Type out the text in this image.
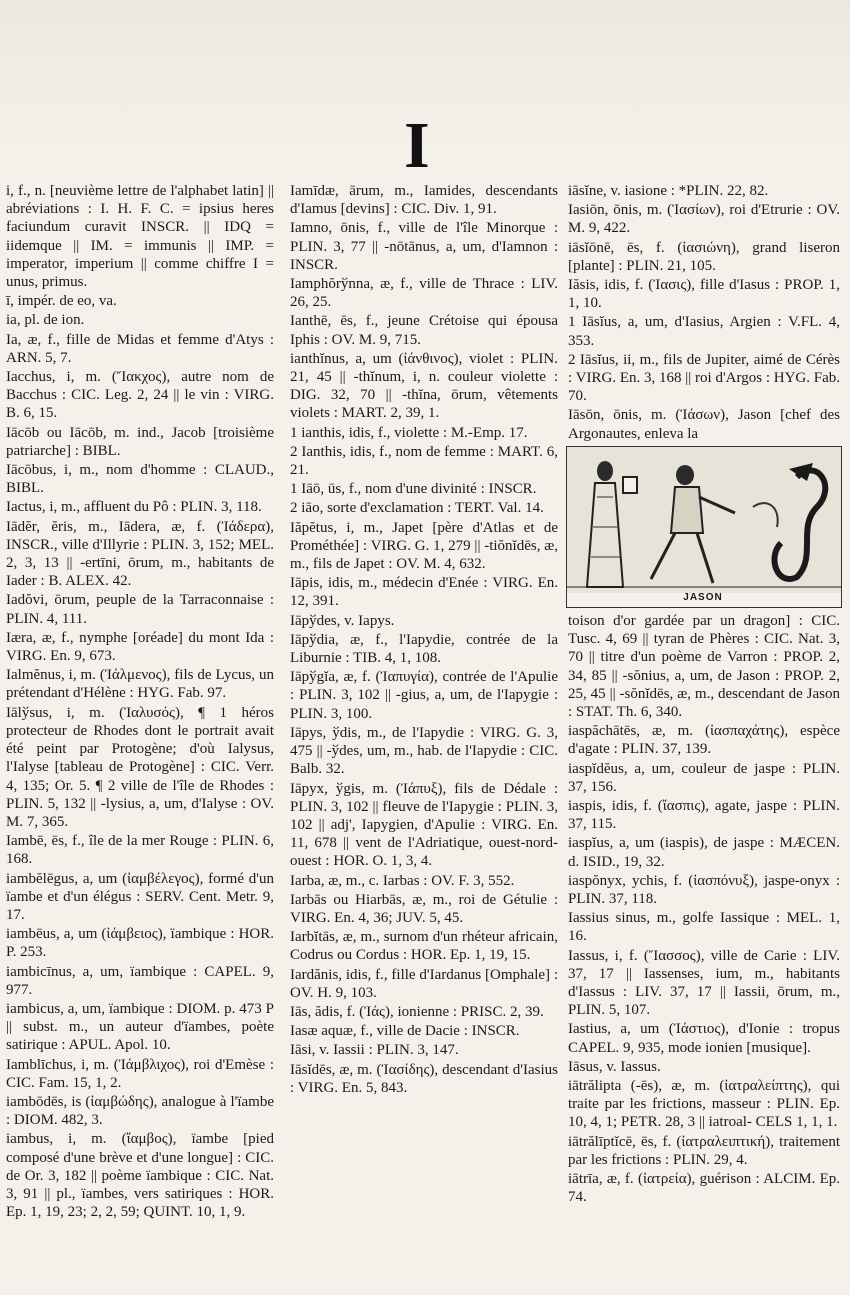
I

i, f., n. [neuvième lettre de l'alphabet latin] || abréviations : I. H. F. C. = ipsius heres faciundum curavit INSCR. || IDQ = iidemque || IM. = immunis || IMP. = imperator, imperium || comme chiffre I = unus, primus.

ī, impér. de eo, va.

ia, pl. de ion.

Ia, æ, f., fille de Midas et femme d'Atys : ARN. 5, 7.

Iacchus, i, m. (Ἴακχος), autre nom de Bacchus : CIC. Leg. 2, 24 || le vin : VIRG. B. 6, 15.

Iācōb ou Iācōb, m. ind., Jacob [troisième patriarche] : BIBL.

Iācōbus, i, m., nom d'homme : CLAUD., BIBL.

Iactus, i, m., affluent du Pô : PLIN. 3, 118.

Iādĕr, ĕris, m., Iādera, æ, f. (Ἰάδερα), INSCR., ville d'Illyrie : PLIN. 3, 152; MEL. 2, 3, 13 || -ertīni, ōrum, m., habitants de Iader : B. ALEX. 42.

Iadŏvi, ōrum, peuple de la Tarraconnaise : PLIN. 4, 111.

Iæra, æ, f., nymphe [oréade] du mont Ida : VIRG. En. 9, 673.

Ialmĕnus, i, m. (Ἰάλμενος), fils de Lycus, un prétendant d'Hélène : HYG. Fab. 97.

Iālўsus, i, m. (Ἰαλυσός), ¶ 1 héros protecteur de Rhodes dont le portrait avait été peint par Protogène; d'où Ialysus, l'Ialyse [tableau de Protogène] : CIC. Verr. 4, 135; Or. 5. ¶ 2 ville de l'île de Rhodes : PLIN. 5, 132 || -lysius, a, um, d'Ialyse : OV. M. 7, 365.

Iambē, ēs, f., île de la mer Rouge : PLIN. 6, 168.

iambĕlēgus, a, um (ἰαμβέλεγος), formé d'un ïambe et d'un élégus : SERV. Cent. Metr. 9, 17.

iambēus, a, um (ἰάμβειος), ïambique : HOR. P. 253.

iambicīnus, a, um, ïambique : CAPEL. 9, 977.

iambicus, a, um, ïambique : DIOM. p. 473 P || subst. m., un auteur d'ïambes, poète satirique : APUL. Apol. 10.

Iamblīchus, i, m. (Ἰάμβλιχος), roi d'Emèse : CIC. Fam. 15, 1, 2.

iambōdēs, is (ἰαμβώδης), analogue à l'ïambe : DIOM. 482, 3.

iambus, i, m. (ἴαμβος), ïambe [pied composé d'une brève et d'une longue] : CIC. de Or. 3, 182 || poème ïambique : CIC. Nat. 3, 91 || pl., ïambes, vers satiriques : HOR. Ep. 1, 19, 23; 2, 2, 59; QUINT. 10, 1, 9.

Iamīdæ, ārum, m., Iamides, descendants d'Iamus [devins] : CIC. Div. 1, 91.

Iamno, ōnis, f., ville de l'île Minorque : PLIN. 3, 77 || -nōtānus, a, um, d'Iamnon : INSCR.

Iamphŏrўnna, æ, f., ville de Thrace : LIV. 26, 25.

Ianthē, ēs, f., jeune Crétoise qui épousa Iphis : OV. M. 9, 715.

ianthĭnus, a, um (ἰάνθινος), violet : PLIN. 21, 45 || -thĭnum, i, n. couleur violette : DIG. 32, 70 || -thĭna, ōrum, vêtements violets : MART. 2, 39, 1.

1 ianthis, idis, f., violette : M.-Emp. 17.

2 Ianthis, idis, f., nom de femme : MART. 6, 21.

1 Iāō, ūs, f., nom d'une divinité : INSCR.

2 iāo, sorte d'exclamation : TERT. Val. 14.

Iăpĕtus, i, m., Japet [père d'Atlas et de Prométhée] : VIRG. G. 1, 279 || -tiŏnĭdēs, æ, m., fils de Japet : OV. M. 4, 632.

Iāpis, idis, m., médecin d'Enée : VIRG. En. 12, 391.

Iāpўdes, v. Iapys.

Iāpўdia, æ, f., l'Iapydie, contrée de la Liburnie : TIB. 4, 1, 108.

Iāpўgĭa, æ, f. (Ἰαπυγία), contrée de l'Apulie : PLIN. 3, 102 || -gius, a, um, de l'Iapygie : PLIN. 3, 100.

Iāpys, ўdis, m., de l'Iapydie : VIRG. G. 3, 475 || -ўdes, um, m., hab. de l'Iapydie : CIC. Balb. 32.

Iāpyx, ўgis, m. (Ἰάπυξ), fils de Dédale : PLIN. 3, 102 || fleuve de l'Iapygie : PLIN. 3, 102 || adj', Iapygien, d'Apulie : VIRG. En. 11, 678 || vent de l'Adriatique, ouest-nord-ouest : HOR. O. 1, 3, 4.

Iarba, æ, m., c. Iarbas : OV. F. 3, 552.

Iarbās ou Hiarbās, æ, m., roi de Gétulie : VIRG. En. 4, 36; JUV. 5, 45.

Iarbĭtās, æ, m., surnom d'un rhéteur africain, Codrus ou Cordus : HOR. Ep. 1, 19, 15.

Iardănis, idis, f., fille d'Iardanus [Omphale] : OV. H. 9, 103.

Iās, ădis, f. (Ἰάς), ionienne : PRISC. 2, 39.

Iasæ aquæ, f., ville de Dacie : INSCR.

Iāsi, v. Iassii : PLIN. 3, 147.

Iāsĭdēs, æ, m. (Ἰασίδης), descendant d'Iasius : VIRG. En. 5, 843.

iāsĭne, v. iasione : *PLIN. 22, 82.

Iasiōn, ōnis, m. (Ἰασίων), roi d'Etrurie : OV. M. 9, 422.

iāsĭōnē, ēs, f. (ἰασιώνη), grand liseron [plante] : PLIN. 21, 105.

Iăsis, idis, f. (Ἰασις), fille d'Iasus : PROP. 1, 1, 10.

1 Iāsĭus, a, um, d'Iasius, Argien : V.FL. 4, 353.

2 Iāsĭus, ii, m., fils de Jupiter, aimé de Cérès : VIRG. En. 3, 168 || roi d'Argos : HYG. Fab. 70.

Iāsōn, ōnis, m. (Ἰάσων), Jason [chef des Argonautes, enleva la

JASON

toison d'or gardée par un dragon] : CIC. Tusc. 4, 69 || tyran de Phères : CIC. Nat. 3, 70 || titre d'un poème de Varron : PROP. 2, 34, 85 || -sŏnius, a, um, de Jason : PROP. 2, 25, 45 || -sŏnĭdēs, æ, m., descendant de Jason : STAT. Th. 6, 340.

iaspăchātēs, æ, m. (ἰασπαχάτης), espèce d'agate : PLIN. 37, 139.

iaspĭdĕus, a, um, couleur de jaspe : PLIN. 37, 156.

iaspis, idis, f. (ἴασπις), agate, jaspe : PLIN. 37, 115.

iaspĭus, a, um (iaspis), de jaspe : MÆCEN. d. ISID., 19, 32.

iaspŏnyx, ychis, f. (ἰασπόνυξ), jaspe-onyx : PLIN. 37, 118.

Iassius sinus, m., golfe Iassique : MEL. 1, 16.

Iassus, i, f. (Ἴασσος), ville de Carie : LIV. 37, 17 || Iassenses, ium, m., habitants d'Iassus : LIV. 37, 17 || Iassii, ōrum, m., PLIN. 5, 107.

Iastius, a, um (Ἰάστιος), d'Ionie : tropus CAPEL. 9, 935, mode ionien [musique].

Iāsus, v. Iassus.

iātrălipta (-ēs), æ, m. (ἰατραλείπτης), qui traite par les frictions, masseur : PLIN. Ep. 10, 4, 1; PETR. 28, 3 || iatroal- CELS 1, 1, 1.

iātrălīptĭcē, ēs, f. (ἰατραλειπτική), traitement par les frictions : PLIN. 29, 4.

iātrīa, æ, f. (ἰατρεία), guérison : ALCIM. Ep. 74.
